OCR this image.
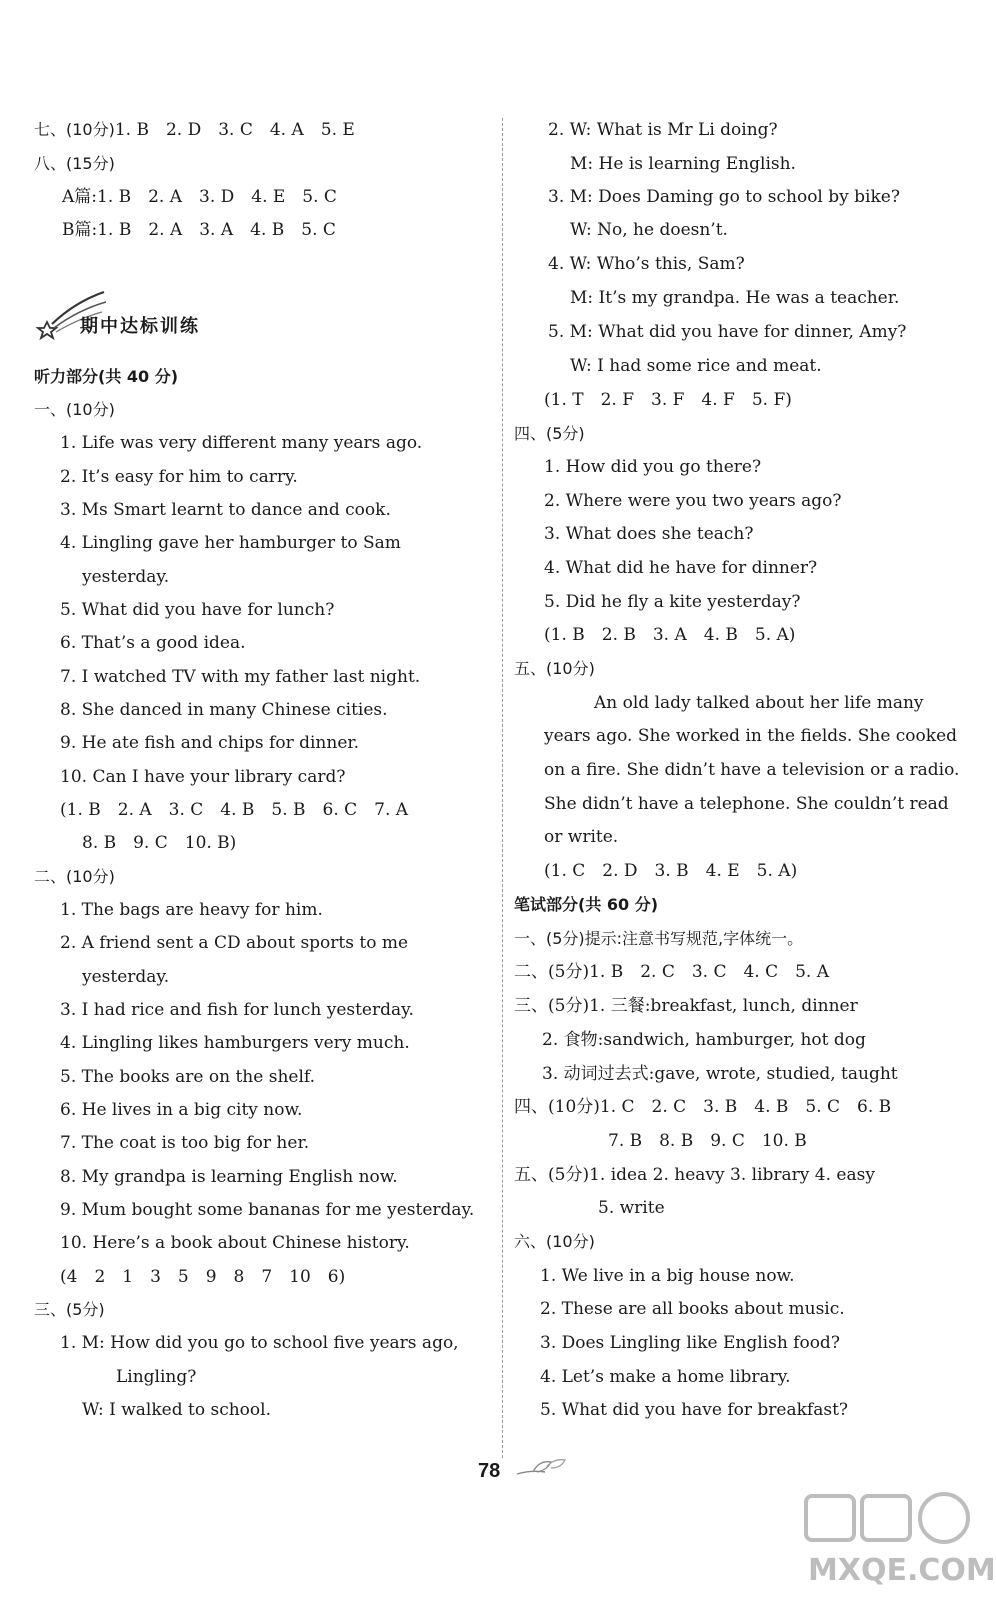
七、(10分)1. B　2. D　3. C　4. A　5. E
八、(15分)
A篇:1. B　2. A　3. D　4. E　5. C
B篇:1. B　2. A　3. A　4. B　5. C
期中达标训练
听力部分(共 40 分)
一、(10分)
1. Life was very different many years ago.
2. It’s easy for him to carry.
3. Ms Smart learnt to dance and cook.
4. Lingling gave her hamburger to Sam
yesterday.
5. What did you have for lunch?
6. That’s a good idea.
7. I watched TV with my father last night.
8. She danced in many Chinese cities.
9. He ate fish and chips for dinner.
10. Can I have your library card?
(1. B　2. A　3. C　4. B　5. B　6. C　7. A
8. B　9. C　10. B)
二、(10分)
1. The bags are heavy for him.
2. A friend sent a CD about sports to me
yesterday.
3. I had rice and fish for lunch yesterday.
4. Lingling likes hamburgers very much.
5. The books are on the shelf.
6. He lives in a big city now.
7. The coat is too big for her.
8. My grandpa is learning English now.
9. Mum bought some bananas for me yesterday.
10. Here’s a book about Chinese history.
(4　2　1　3　5　9　8　7　10　6)
三、(5分)
1. M: How did you go to school five years ago,
Lingling?
W: I walked to school.
2. W: What is Mr Li doing?
M: He is learning English.
3. M: Does Daming go to school by bike?
W: No, he doesn’t.
4. W: Who’s this, Sam?
M: It’s my grandpa. He was a teacher.
5. M: What did you have for dinner, Amy?
W: I had some rice and meat.
(1. T　2. F　3. F　4. F　5. F)
四、(5分)
1. How did you go there?
2. Where were you two years ago?
3. What does she teach?
4. What did he have for dinner?
5. Did he fly a kite yesterday?
(1. B　2. B　3. A　4. B　5. A)
五、(10分)
An old lady talked about her life many
years ago. She worked in the fields. She cooked
on a fire. She didn’t have a television or a radio.
She didn’t have a telephone. She couldn’t read
or write.
(1. C　2. D　3. B　4. E　5. A)
笔试部分(共 60 分)
一、(5分)提示:注意书写规范,字体统一。
二、(5分)1. B　2. C　3. C　4. C　5. A
三、(5分)1. 三餐:breakfast, lunch, dinner
2. 食物:sandwich, hamburger, hot dog
3. 动词过去式:gave, wrote, studied, taught
四、(10分)1. C　2. C　3. B　4. B　5. C　6. B
7. B　8. B　9. C　10. B
五、(5分)1. idea 2. heavy 3. library 4. easy
5. write
六、(10分)
1. We live in a big house now.
2. These are all books about music.
3. Does Lingling like English food?
4. Let’s make a home library.
5. What did you have for breakfast?
78
MXQE.COM
